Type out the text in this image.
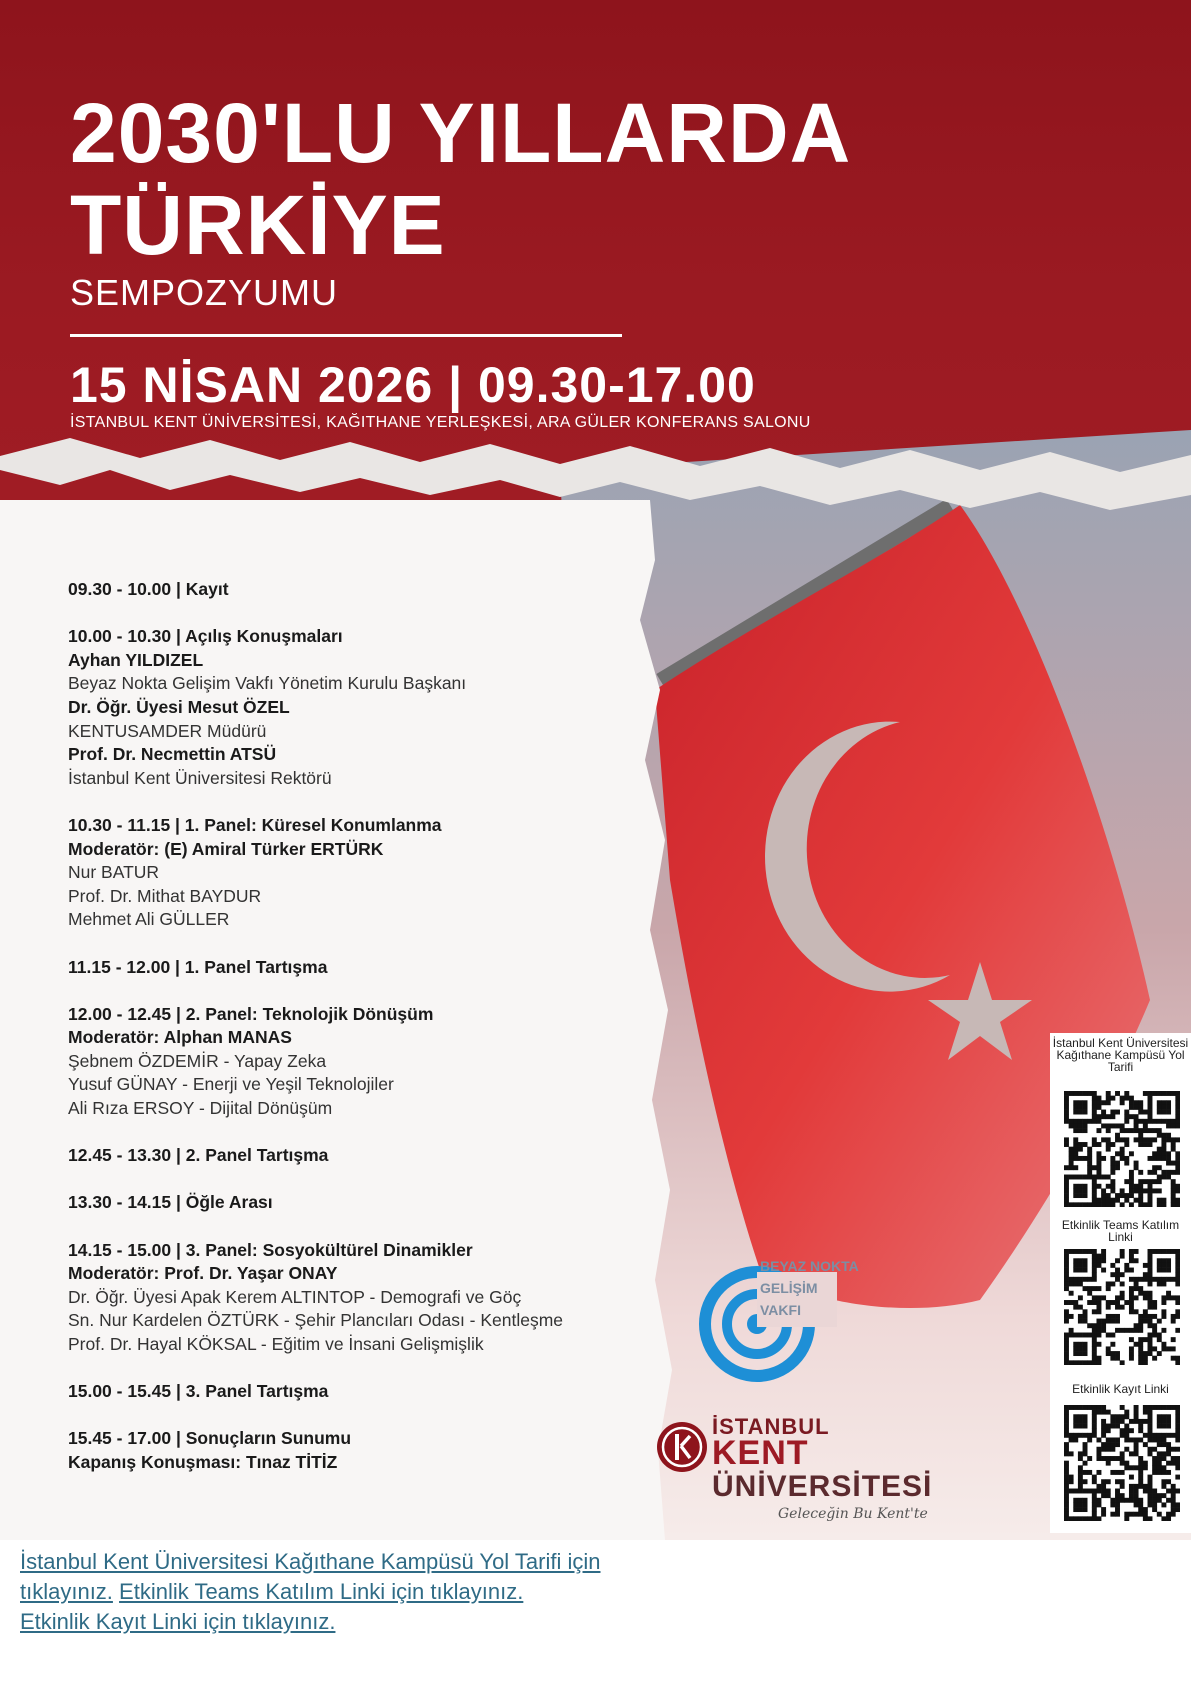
2030'LU YILLARDA
TÜRKİYE
SEMPOZYUMU
15 NİSAN 2026 | 09.30-17.00
İSTANBUL KENT ÜNİVERSİTESİ, KAĞITHANE YERLEŞKESİ, ARA GÜLER KONFERANS SALONU
09.30 - 10.00 | Kayıt
10.00 - 10.30 | Açılış Konuşmaları
Ayhan YILDIZEL
Beyaz Nokta Gelişim Vakfı Yönetim Kurulu Başkanı
Dr. Öğr. Üyesi Mesut ÖZEL
KENTUSAMDER Müdürü
Prof. Dr. Necmettin ATSÜ
İstanbul Kent Üniversitesi Rektörü
10.30 - 11.15 | 1. Panel: Küresel Konumlanma
Moderatör: (E) Amiral Türker ERTÜRK
Nur BATUR
Prof. Dr. Mithat BAYDUR
Mehmet Ali GÜLLER
11.15 - 12.00 | 1. Panel Tartışma
12.00 - 12.45 | 2. Panel: Teknolojik Dönüşüm
Moderatör: Alphan MANAS
Şebnem ÖZDEMİR - Yapay Zeka
Yusuf GÜNAY - Enerji ve Yeşil Teknolojiler
Ali Rıza ERSOY - Dijital Dönüşüm
12.45 - 13.30 | 2. Panel Tartışma
13.30 - 14.15 | Öğle Arası
14.15 - 15.00 | 3. Panel: Sosyokültürel Dinamikler
Moderatör: Prof. Dr. Yaşar ONAY
Dr. Öğr. Üyesi Apak Kerem ALTINTOP - Demografi ve Göç
Sn. Nur Kardelen ÖZTÜRK - Şehir Plancıları Odası - Kentleşme
Prof. Dr. Hayal KÖKSAL - Eğitim ve İnsani Gelişmişlik
15.00 - 15.45 | 3. Panel Tartışma
15.45 - 17.00 | Sonuçların Sunumu
Kapanış Konuşması: Tınaz TİTİZ
BEYAZ NOKTA
GELİŞİM
VAKFI
İSTANBUL
KENT
ÜNİVERSİTESİ
Geleceğin Bu Kent'te
İstanbul Kent Üniversitesi Kağıthane Kampüsü Yol Tarifi
Etkinlik Teams Katılım Linki
Etkinlik Kayıt Linki
İstanbul Kent Üniversitesi Kağıthane Kampüsü Yol Tarifi için tıklayınız. Etkinlik Teams Katılım Linki için tıklayınız.
Etkinlik Kayıt Linki için tıklayınız.
